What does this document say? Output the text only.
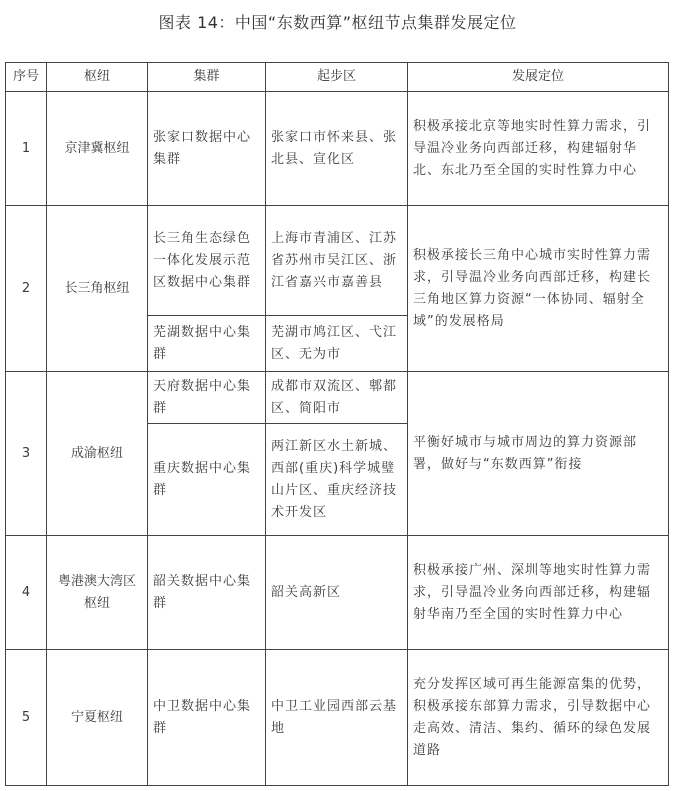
图表 14：中国“东数西算”枢纽节点集群发展定位
序号	枢纽	集群	起步区	发展定位
1	京津冀枢纽	张家口数据中心集群	张家口市怀来县、张北县、宣化区	积极承接北京等地实时性算力需求，引导温冷业务向西部迁移，构建辐射华北、东北乃至全国的实时性算力中心
2	长三角枢纽	长三角生态绿色一体化发展示范区数据中心集群	上海市青浦区、江苏省苏州市吴江区、浙江省嘉兴市嘉善县	积极承接长三角中心城市实时性算力需求，引导温冷业务向西部迁移，构建长三角地区算力资源“一体协同、辐射全域”的发展格局
		芜湖数据中心集群	芜湖市鸠江区、弋江区、无为市	
3	成渝枢纽	天府数据中心集群	成都市双流区、郫都区、简阳市	平衡好城市与城市周边的算力资源部署，做好与“东数西算”衔接
		重庆数据中心集群	两江新区水土新城、西部(重庆)科学城璧山片区、重庆经济技术开发区	
4	粤港澳大湾区枢纽	韶关数据中心集群	韶关高新区	积极承接广州、深圳等地实时性算力需求，引导温冷业务向西部迁移，构建辐射华南乃至全国的实时性算力中心
5	宁夏枢纽	中卫数据中心集群	中卫工业园西部云基地	充分发挥区域可再生能源富集的优势，积极承接东部算力需求，引导数据中心走高效、清洁、集约、循环的绿色发展道路
